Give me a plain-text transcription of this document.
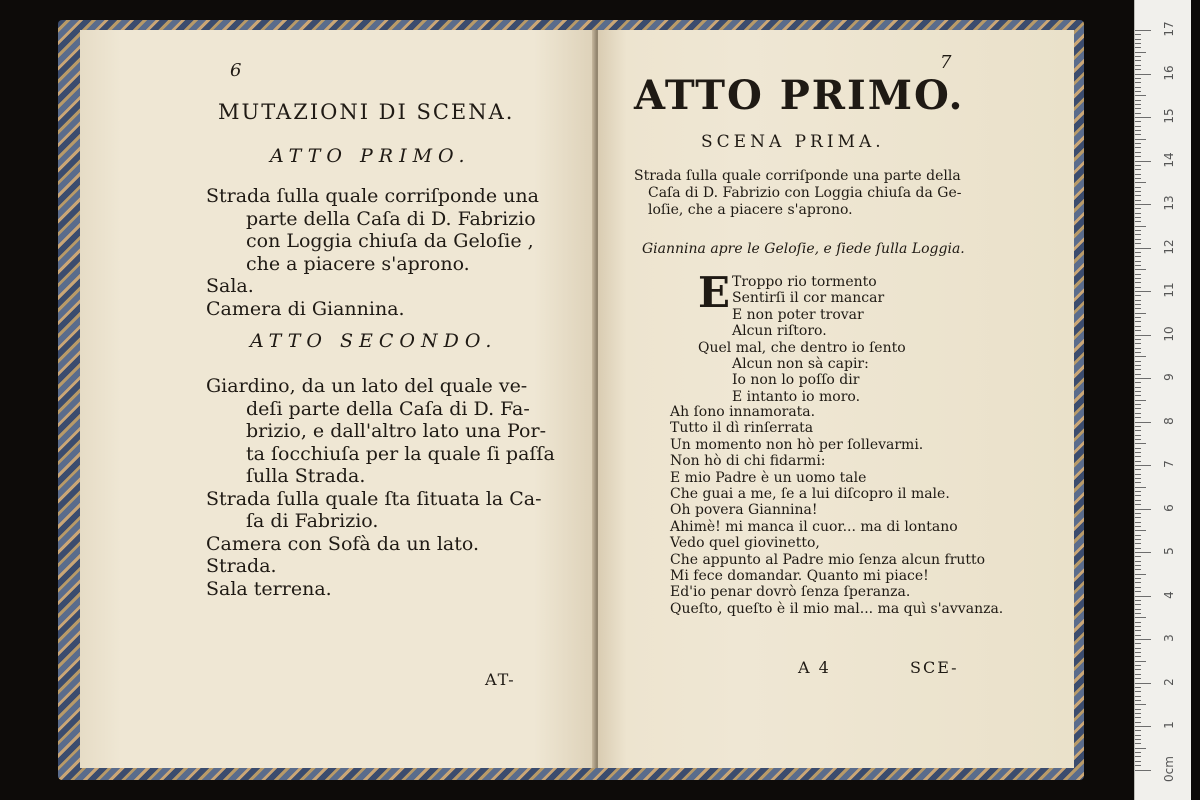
6
MUTAZIONI DI SCENA.
ATTO PRIMO.
Strada ſulla quale corriſponde una
parte della Caſa di D. Fabrizio
con Loggia chiuſa da Geloſie ,
che a piacere s'aprono.
Sala.
Camera di Giannina.
ATTO SECONDO.
Giardino, da un lato del quale ve-
deſi parte della Caſa di D. Fa-
brizio, e dall'altro lato una Por-
ta ſocchiuſa per la quale ſi paſſa
ſulla Strada.
Strada ſulla quale ſta ſituata la Ca-
ſa di Fabrizio.
Camera con Sofà da un lato.
Strada.
Sala terrena.
AT-
7
ATTO PRIMO.
SCENA PRIMA.
Strada ſulla quale corriſponde una parte della
Caſa di D. Fabrizio con Loggia chiuſa da Ge-
loſie, che a piacere s'aprono.
Giannina apre le Geloſie, e ſiede ſulla Loggia.
E Troppo rio tormento
Sentirſi il cor mancar
E non poter trovar
Alcun riſtoro.
Quel mal, che dentro io ſento
Alcun non sà capir:
Io non lo poſſo dir
E intanto io moro.
Ah ſono innamorata.
Tutto il dì rinſerrata
Un momento non hò per ſollevarmi.
Non hò di chi fidarmi:
E mio Padre è un uomo tale
Che guai a me, ſe a lui diſcopro il male.
Oh povera Giannina!
Ahimè! mi manca il cuor... ma di lontano
Vedo quel giovinetto,
Che appunto al Padre mio ſenza alcun frutto
Mi fece domandar. Quanto mi piace!
Ed'io penar dovrò ſenza ſperanza.
Queſto, queſto è il mio mal... ma quì s'avvanza.
A 4	SCE-
17
16
15
14
13
12
11
10
9
8
7
6
5
4
3
2
1
0cm
